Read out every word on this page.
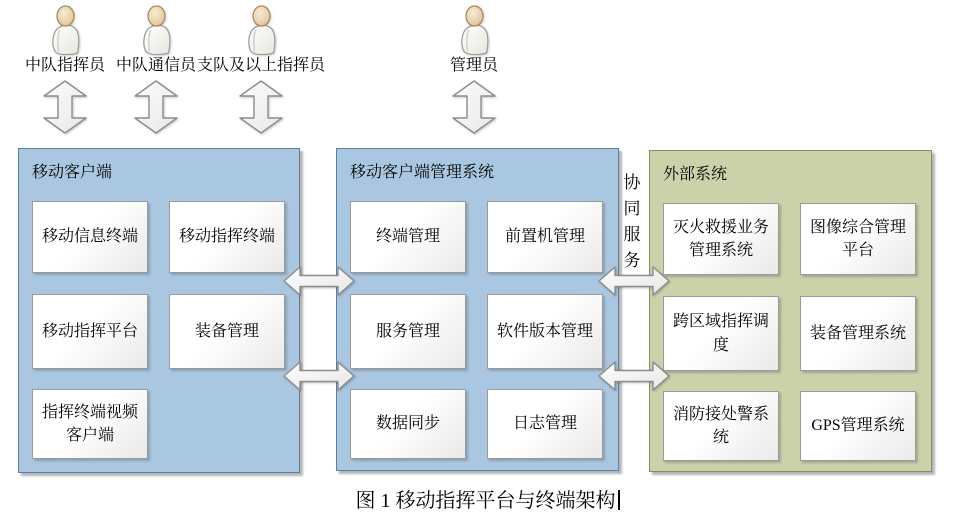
中队指挥员 中队通信员 支队及以上指挥员	管理员
移动客户端
移动信息终端	移动指挥终端
移动指挥平台	装备管理
指挥终端视频客户端
移动客户端管理系统
终端管理	前置机管理
服务管理	软件版本管理
数据同步	日志管理
外部系统
灭火救援业务管理系统
图像综合管理平台
跨区域指挥调度
装备管理系统
消防接处警系统
GPS管理系统
协同服务
图 1 移动指挥平台与终端架构
